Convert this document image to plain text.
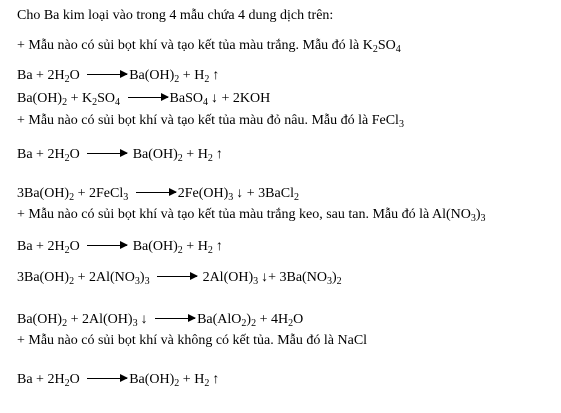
Cho Ba kim loại vào trong 4 mẫu chứa 4 dung dịch trên:
+ Mẫu nào có sủi bọt khí và tạo kết tủa màu trắng. Mẫu đó là $K_2SO_4$
$Ba + 2H_2O \to Ba(OH)_2 + H_2$ ↑
$Ba(OH)_2 + K_2SO_4$ → BaSO$_4$ ↓ + 2KOH
+ Mẫu nào có sủi bọt khí và tạo kết tủa màu đỏ nâu. Mẫu đó là FeCl$_3$
$Ba + 2H_2O \to Ba(OH)_2 + H_2$ ↑
$3Ba(OH)_2$ + 2FeCl$_3$ → $2Fe(OH)_3$ ↓ + 3BaCl$_2$
+ Mẫu nào có sủi bọt khí và tạo kết tủa màu trắng keo, sau tan. Mẫu đó là $Al(NO_3)_3$
$Ba + 2H_2O \to Ba(OH)_2 + H_2$ ↑
$3Ba(OH)_2 + 2Al(NO_3)_3 \to 2Al(OH)_3$ ↓+ $3Ba(NO_3)_2$
$Ba(OH)_2 + 2Al(OH)_3$ ↓	$Ba(AlO_2)_2 + 4H_2O$
+ Mẫu nào có sủi bọt khí và không có kết tủa. Mẫu đó là NaCl
$Ba + 2H_2O \to Ba(OH)_2 + H_2$ ↑
